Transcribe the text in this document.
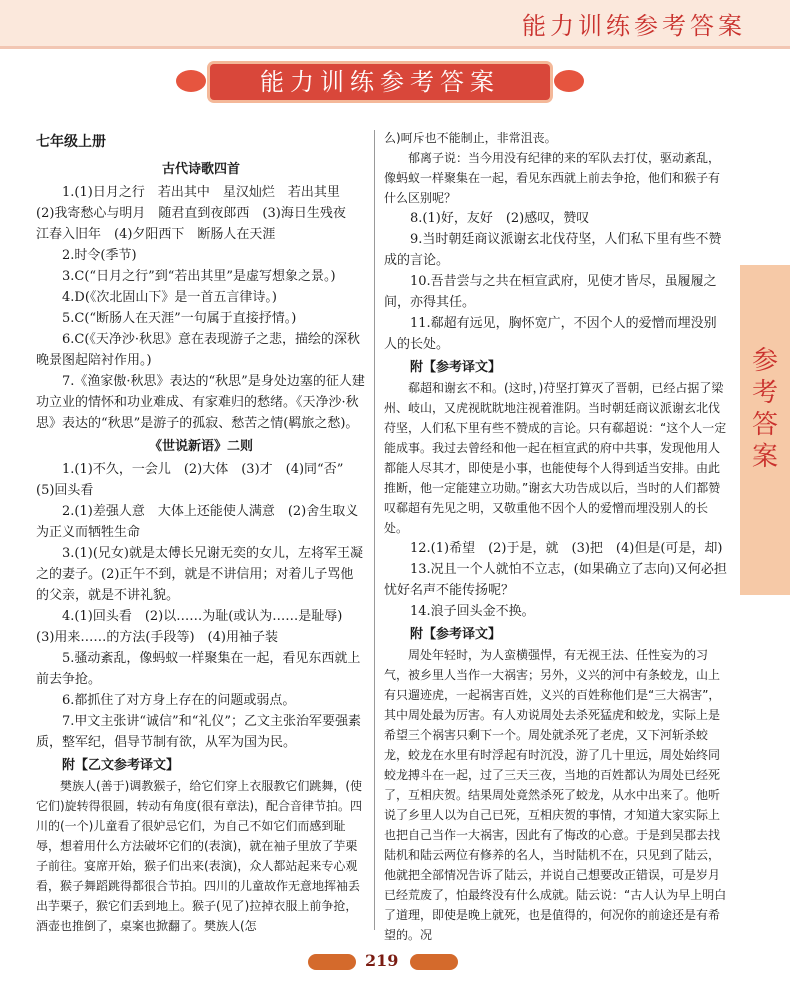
能力训练参考答案
能力训练参考答案
参考答案
七年级上册
古代诗歌四首

1.(1)日月之行　若出其中　星汉灿烂　若出其里

(2)我寄愁心与明月　随君直到夜郎西　(3)海日生残夜　江春入旧年　(4)夕阳西下　断肠人在天涯

2.时令(季节)

3.C(“日月之行”到“若出其里”是虚写想象之景。)

4.D(《次北固山下》是一首五言律诗。)

5.C(“断肠人在天涯”一句属于直接抒情。)

6.C(《天净沙·秋思》意在表现游子之悲，描绘的深秋晚景图起陪衬作用。)

7.《渔家傲·秋思》表达的“秋思”是身处边塞的征人建功立业的情怀和功业难成、有家难归的愁绪。《天净沙·秋思》表达的“秋思”是游子的孤寂、愁苦之情(羁旅之愁)。

《世说新语》二则

1.(1)不久，一会儿　(2)大体　(3)才　(4)同“否”　(5)回头看

2.(1)差强人意　大体上还能使人满意　(2)舍生取义　为正义而牺牲生命

3.(1)(兄女)就是太傅长兄谢无奕的女儿，左将军王凝之的妻子。(2)正午不到，就是不讲信用；对着儿子骂他的父亲，就是不讲礼貌。

4.(1)回头看　(2)以……为耻(或认为……是耻辱)　(3)用来……的方法(手段等)　(4)用袖子装

5.骚动紊乱，像蚂蚁一样聚集在一起，看见东西就上前去争抢。

6.都抓住了对方身上存在的问题或弱点。

7.甲文主张讲“诚信”和“礼仪”；乙文主张治军要强素质，整军纪，倡导节制有欲，从军为国为民。

附【乙文参考译文】

樊族人(善于)调教猴子，给它们穿上衣服教它们跳舞，(使它们)旋转得很圆，转动有角度(很有章法)，配合音律节拍。四川的(一个)儿童看了很妒忌它们，为自己不如它们而感到耻辱，想着用什么方法破坏它们的(表演)，就在袖子里放了芋栗子前往。宴席开始，猴子们出来(表演)，众人都站起来专心观看，猴子舞蹈跳得都很合节拍。四川的儿童故作无意地挥袖丢出芋栗子，猴它们丢到地上。猴子(见了)拉掉衣服上前争抢，酒壶也推倒了，桌案也掀翻了。樊族人(怎

么)呵斥也不能制止，非常沮丧。

郁离子说：当今用没有纪律的来的军队去打仗，驱动紊乱，像蚂蚁一样聚集在一起，看见东西就上前去争抢，他们和猴子有什么区别呢？

8.(1)好，友好　(2)感叹，赞叹

9.当时朝廷商议派谢玄北伐苻坚，人们私下里有些不赞成的言论。

10.吾昔尝与之共在桓宣武府，见使才皆尽，虽履履之间，亦得其任。

11.郗超有远见，胸怀宽广，不因个人的爱憎而埋没别人的长处。

附【参考译文】

郗超和谢玄不和。(这时，)苻坚打算灭了晋朝，已经占据了梁州、岐山，又虎视眈眈地注视着淮阴。当时朝廷商议派谢玄北伐苻坚，人们私下里有些不赞成的言论。只有郗超说：“这个人一定能成事。我过去曾经和他一起在桓宣武的府中共事，发现他用人都能人尽其才，即使是小事，也能使每个人得到适当安排。由此推断，他一定能建立功勋。”谢玄大功告成以后，当时的人们都赞叹郗超有先见之明，又敬重他不因个人的爱憎而埋没别人的长处。

12.(1)希望　(2)于是，就　(3)把　(4)但是(可是，却)

13.况且一个人就怕不立志，(如果确立了志向)又何必担忧好名声不能传扬呢？

14.浪子回头金不换。

附【参考译文】

周处年轻时，为人蛮横强悍，有无视王法、任性妄为的习气，被乡里人当作一大祸害；另外，义兴的河中有条蛟龙，山上有只遛迹虎，一起祸害百姓，义兴的百姓称他们是“三大祸害”，其中周处最为厉害。有人劝说周处去杀死猛虎和蛟龙，实际上是希望三个祸害只剩下一个。周处就杀死了老虎，又下河斩杀蛟龙，蛟龙在水里有时浮起有时沉没，游了几十里远，周处始终同蛟龙搏斗在一起，过了三天三夜，当地的百姓都认为周处已经死了，互相庆贺。结果周处竟然杀死了蛟龙，从水中出来了。他听说了乡里人以为自己已死，互相庆贺的事情，才知道大家实际上也把自己当作一大祸害，因此有了悔改的心意。于是到吴郡去找陆机和陆云两位有修养的名人，当时陆机不在，只见到了陆云，他就把全部情况告诉了陆云，并说自己想要改正错误，可是岁月已经荒废了，怕最终没有什么成就。陆云说：“古人认为早上明白了道理，即使是晚上就死，也是值得的，何况你的前途还是有希望的。况

219
